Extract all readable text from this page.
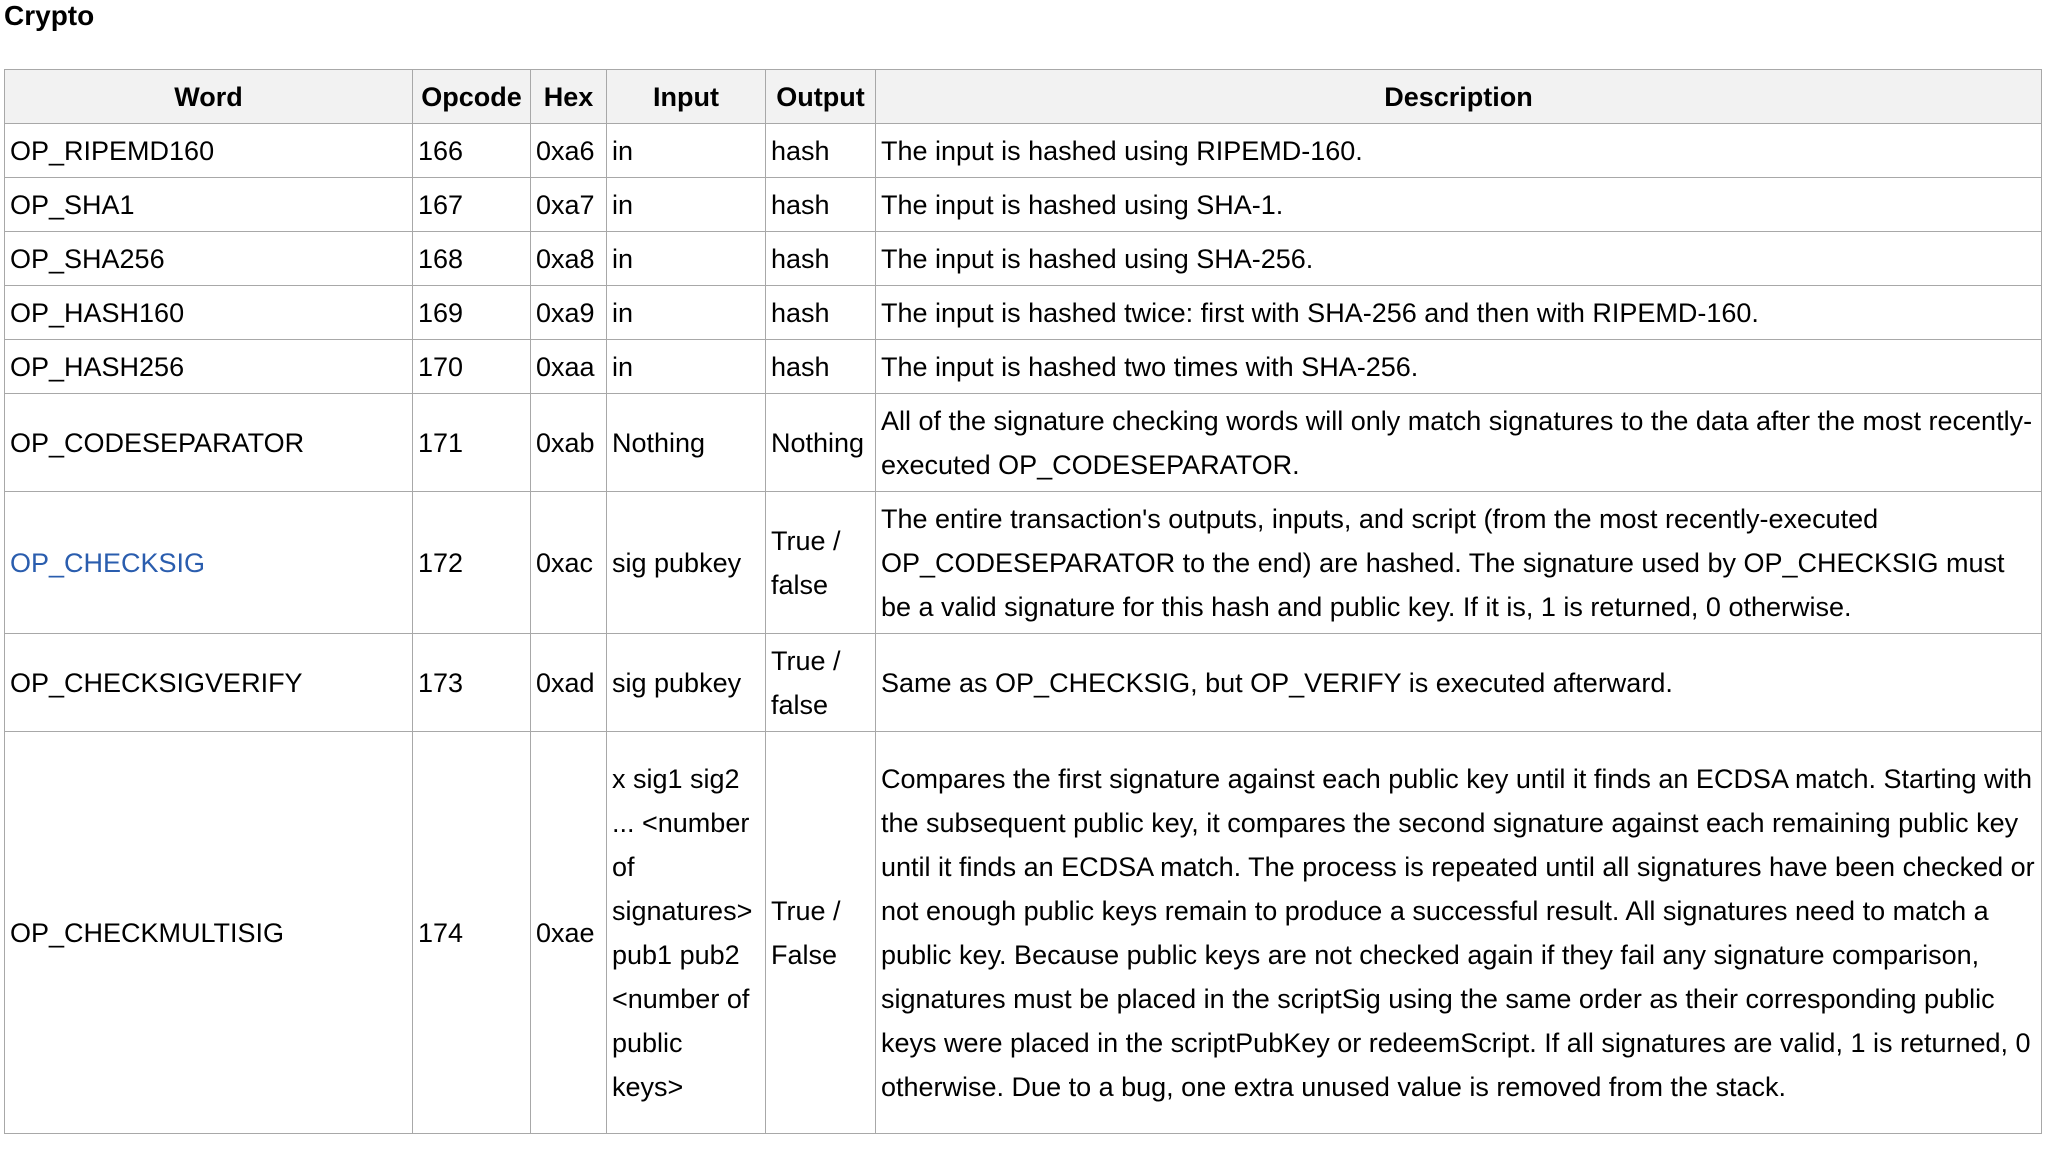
Crypto
Word	Opcode	Hex	Input	Output	Description
OP_RIPEMD160	166	0xa6	in	hash	The input is hashed using RIPEMD-160.
OP_SHA1	167	0xa7	in	hash	The input is hashed using SHA-1.
OP_SHA256	168	0xa8	in	hash	The input is hashed using SHA-256.
OP_HASH160	169	0xa9	in	hash	The input is hashed twice: first with SHA-256 and then with RIPEMD-160.
OP_HASH256	170	0xaa	in	hash	The input is hashed two times with SHA-256.
OP_CODESEPARATOR	171	0xab	Nothing	Nothing	All of the signature checking words will only match signatures to the data after the most recently-executed OP_CODESEPARATOR.
OP_CHECKSIG	172	0xac	sig pubkey	True / false	The entire transaction's outputs, inputs, and script (from the most recently-executed OP_CODESEPARATOR to the end) are hashed. The signature used by OP_CHECKSIG must be a valid signature for this hash and public key. If it is, 1 is returned, 0 otherwise.
OP_CHECKSIGVERIFY	173	0xad	sig pubkey	True / false	Same as OP_CHECKSIG, but OP_VERIFY is executed afterward.
OP_CHECKMULTISIG	174	0xae	x sig1 sig2 ... <number of signatures> pub1 pub2 <number of public keys>	True / False	Compares the first signature against each public key until it finds an ECDSA match. Starting with the subsequent public key, it compares the second signature against each remaining public key until it finds an ECDSA match. The process is repeated until all signatures have been checked or not enough public keys remain to produce a successful result. All signatures need to match a public key. Because public keys are not checked again if they fail any signature comparison, signatures must be placed in the scriptSig using the same order as their corresponding public keys were placed in the scriptPubKey or redeemScript. If all signatures are valid, 1 is returned, 0 otherwise. Due to a bug, one extra unused value is removed from the stack.
